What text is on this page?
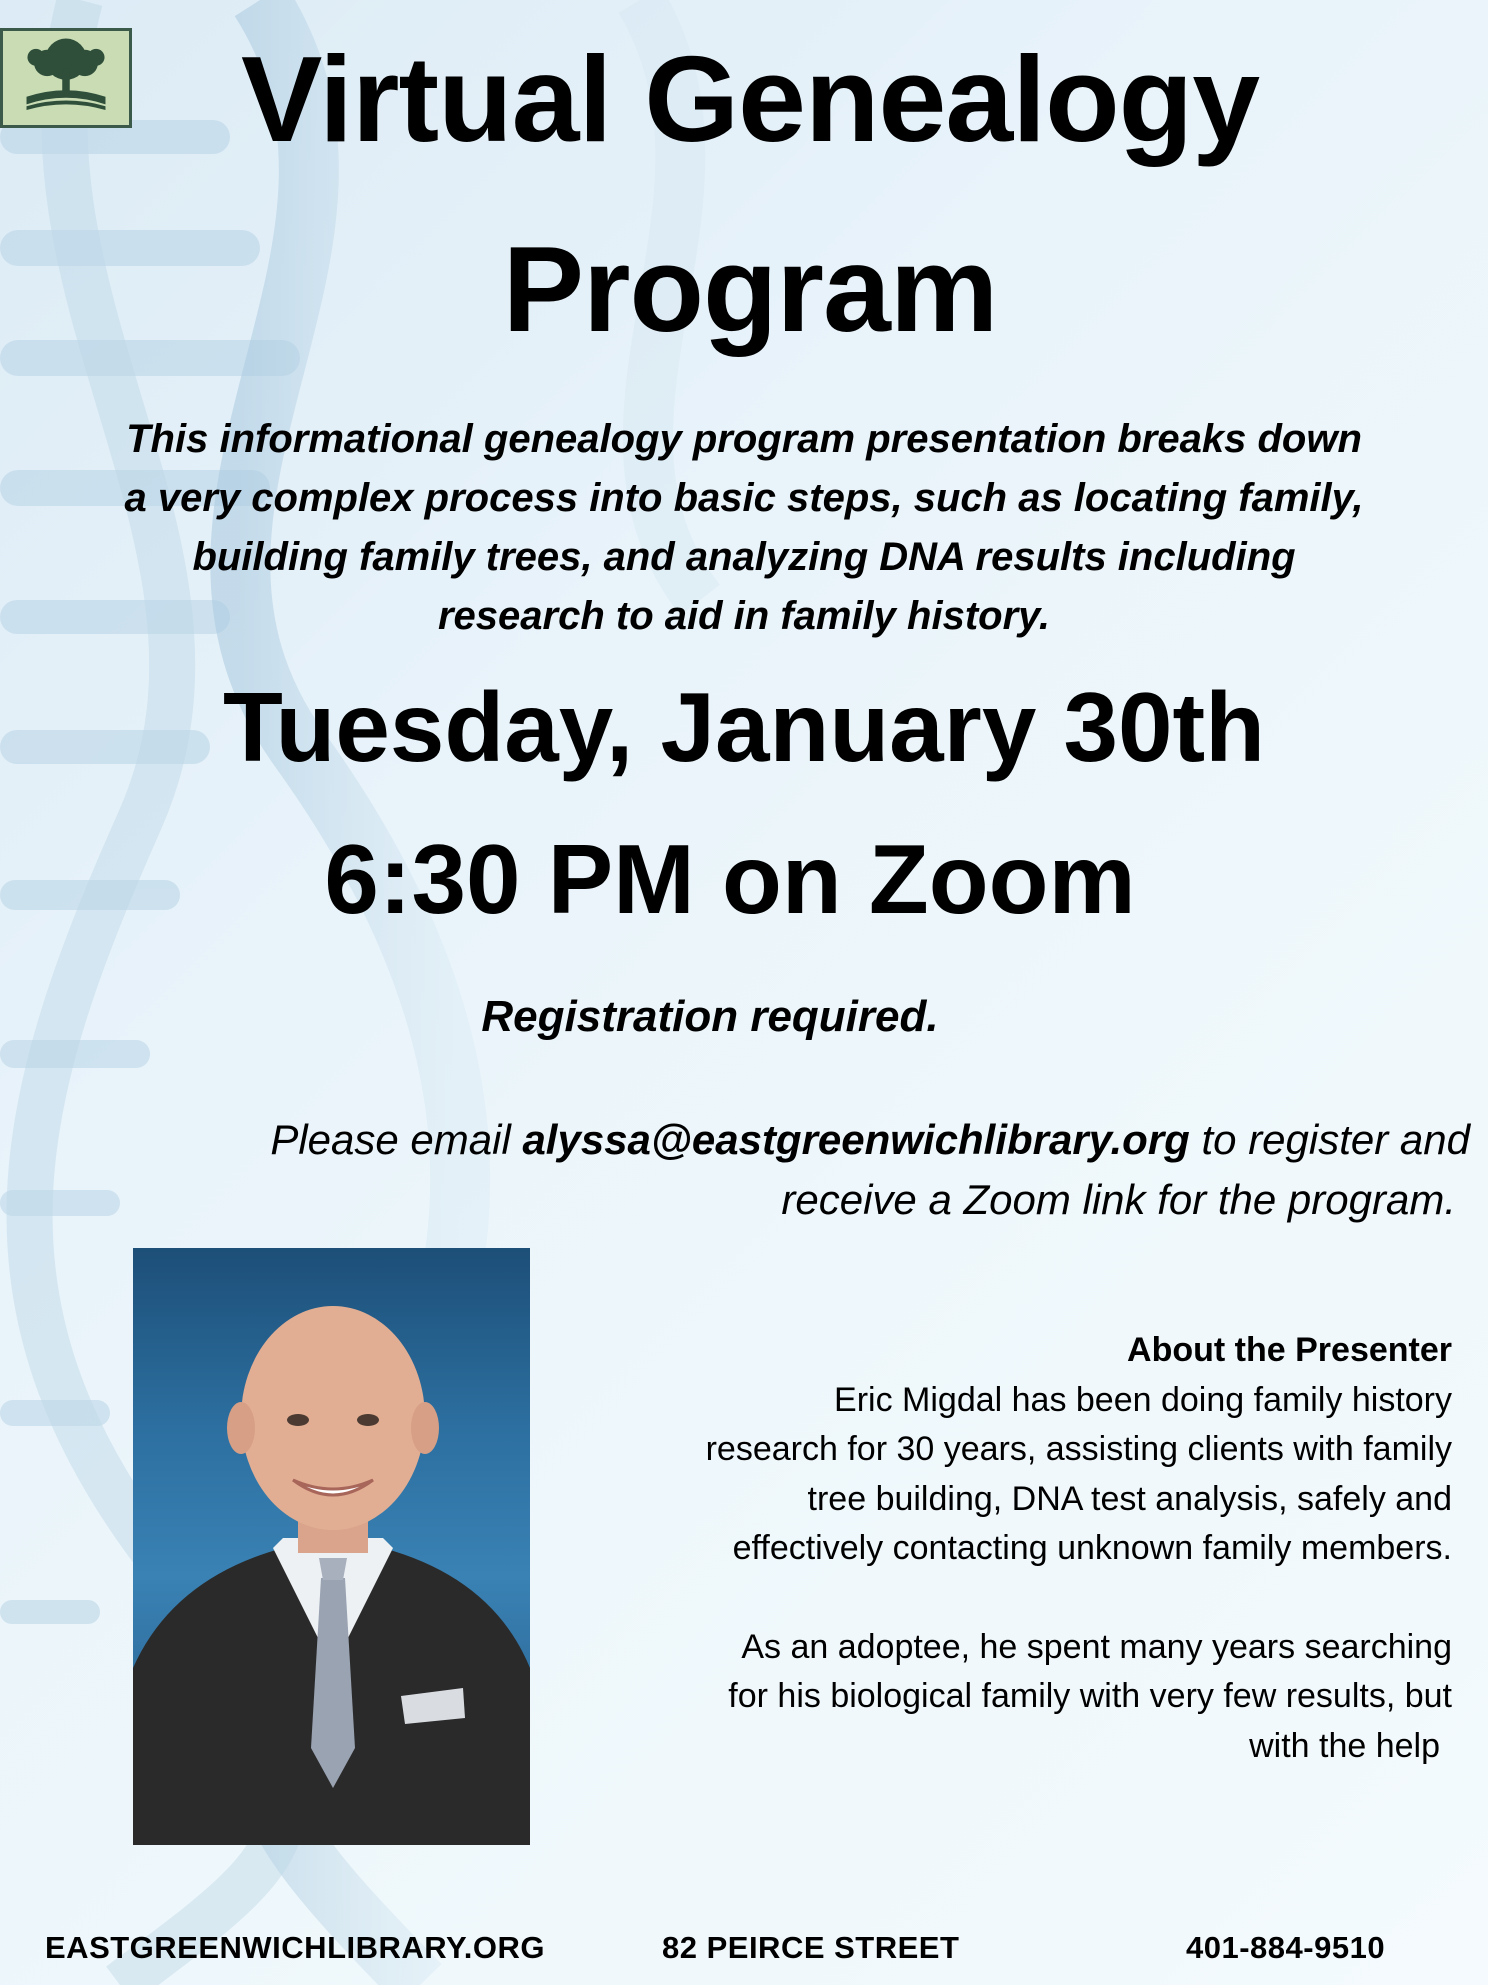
Virtual Genealogy
Program
This informational genealogy program presentation breaks down
a very complex process into basic steps, such as locating family,
building family trees, and analyzing DNA results including
research to aid in family history.
Tuesday, January 30th
6:30 PM on Zoom
Registration required.
Please email alyssa@eastgreenwichlibrary.org to register and
receive a Zoom link for the program.
About the Presenter
Eric Migdal has been doing family history
research for 30 years, assisting clients with family
tree building, DNA test analysis, safely and
effectively contacting unknown family members.
As an adoptee, he spent many years searching
for his biological family with very few results, but
with the help
EASTGREENWICHLIBRARY.ORG	82 PEIRCE STREET	401-884-9510
